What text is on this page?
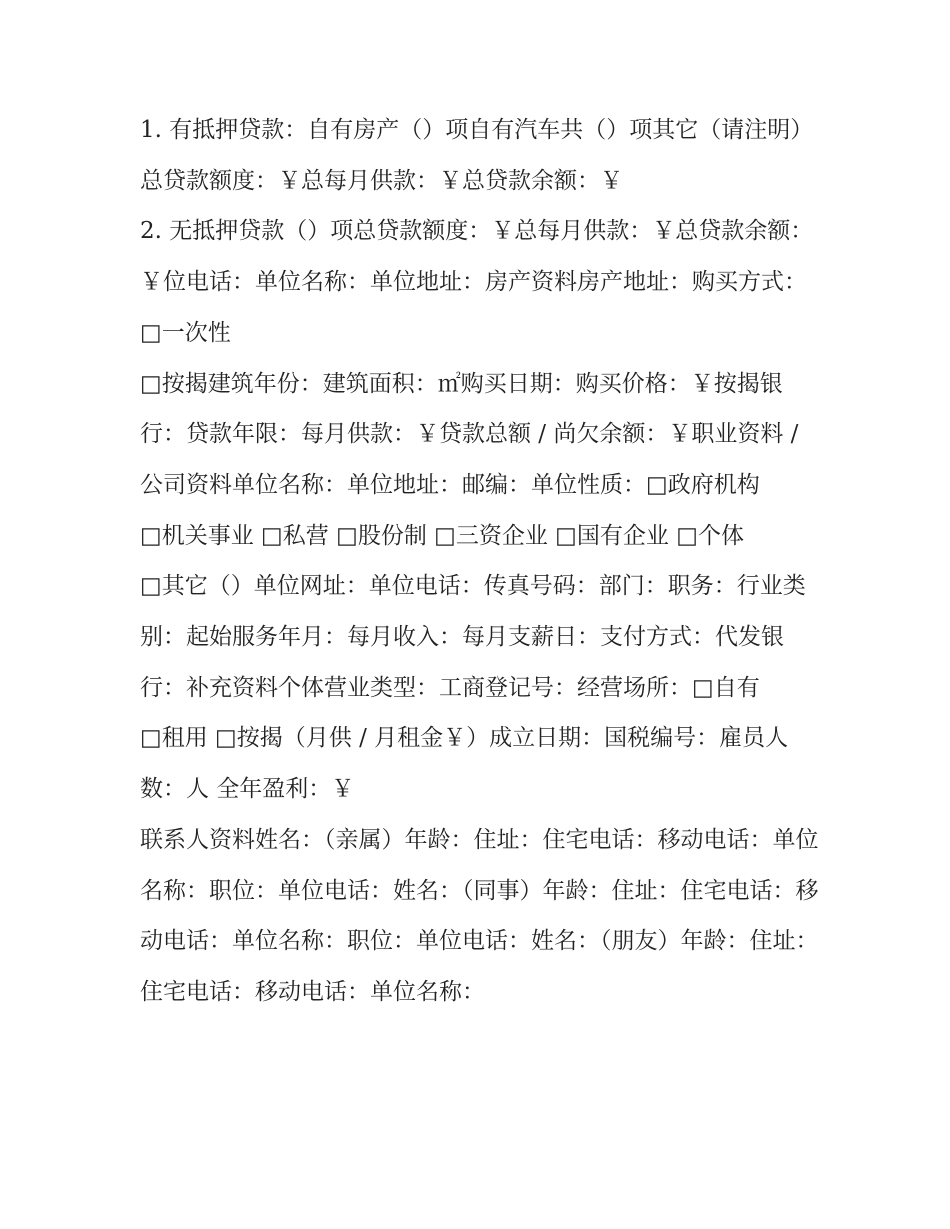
1. 有抵押贷款：自有房产（）项自有汽车共（）项其它（请注明） 总贷款额度：￥总每月供款：￥总贷款余额：￥

2. 无抵押贷款（）项总贷款额度：￥总每月供款：￥总贷款余额：￥位电话：单位名称：单位地址：房产资料房产地址：购买方式：□一次性

□按揭建筑年份：建筑面积：㎡购买日期：购买价格：￥按揭银行：贷款年限：每月供款：￥贷款总额 / 尚欠余额：￥职业资料 / 公司资料单位名称：单位地址：邮编：单位性质：□政府机构

□机关事业 □私营 □股份制 □三资企业 □国有企业 □个体

□其它（）单位网址：单位电话：传真号码：部门：职务：行业类别：起始服务年月：每月收入：每月支薪日：支付方式：代发银行：补充资料个体营业类型：工商登记号：经营场所：□自有

□租用 □按揭（月供 / 月租金￥）成立日期：国税编号：雇员人数：人 全年盈利：￥

联系人资料姓名：（亲属）年龄：住址：住宅电话：移动电话：单位名称：职位：单位电话：姓名：（同事）年龄：住址：住宅电话：移动电话：单位名称：职位：单位电话：姓名：（朋友）年龄：住址：住宅电话：移动电话：单位名称：
